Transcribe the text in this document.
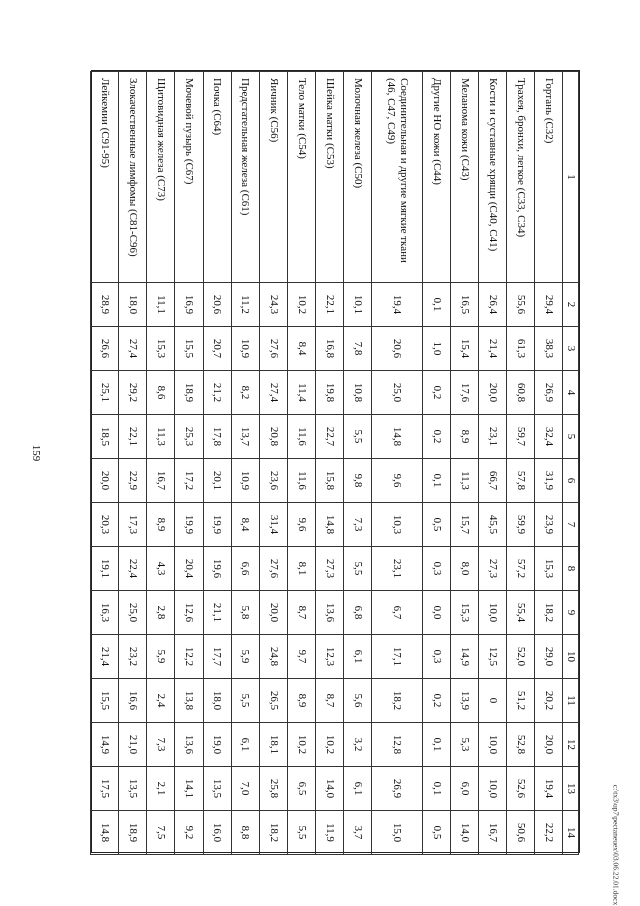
159
1	2	3	4	5	6	7	8	9	10	11	12	13	14
Гортань (С32)	29,4	38,3	26,9	32,4	31,9	23,9	15,3	18,2	29,0	20,2	20,0	19,4	22,2
Трахея, бронхи, легкое (С33, С34)	55,6	61,3	60,8	59,7	57,8	59,9	57,2	55,4	52,0	51,2	52,8	52,6	50,6
Кости и суставные хрящи (С40, С41)	26,4	21,4	20,0	23,1	66,7	45,5	27,3	10,0	12,5	0	10,0	10,0	16,7
Меланома кожи (С43)	16,5	15,4	17,6	8,9	11,3	15,7	8,0	15,3	14,9	13,9	5,3	6,0	14,0
Другие НО кожи (С44)	0,1	1,0	0,2	0,2	0,1	0,5	0,3	0,0	0,3	0,2	0,1	0,1	0,5
Соединительная и другие мягкие ткани (46, С47, С49)	19,4	20,6	25,0	14,8	9,6	10,3	23,1	6,7	17,1	18,2	12,8	26,9	15,0
Молочная железа (С50)	10,1	7,8	10,8	5,5	9,8	7,3	5,5	6,8	6,1	5,6	3,2	6,1	3,7
Шейка матки (С53)	22,1	16,8	19,8	22,7	15,8	14,8	27,3	13,6	12,3	8,7	10,2	14,0	11,9
Тело матки (С54)	10,2	8,4	11,4	11,6	11,6	9,6	8,1	8,7	9,7	8,9	10,2	6,5	5,5
Яичник (С56)	24,3	27,6	27,4	20,8	23,6	31,4	27,6	20,0	24,8	26,5	18,1	25,8	18,2
Предстательная железа (С61)	11,2	10,9	8,2	13,7	10,9	8,4	6,6	5,8	5,9	5,5	6,1	7,0	8,8
Почка (С64)	20,6	20,7	21,2	17,8	20,1	19,9	19,6	21,1	17,7	18,0	19,0	13,5	16,0
Мочевой пузырь (С67)	16,9	15,5	18,9	25,3	17,2	19,9	20,4	12,6	12,2	13,8	13,6	14,1	9,2
Щитовидная железа (С73)	11,1	15,3	8,6	11,3	16,7	8,9	4,3	2,8	5,9	2,4	7,3	2,1	7,5
Злокачественные лимфомы (С81-С96)	18,0	27,4	29,2	22,1	22,9	17,3	22,4	25,0	23,2	16,6	21,0	13,5	18,9
Лейкемии (С91-95)	28,9	26,6	25,1	18,5	20,0	20,3	19,1	16,3	21,4	15,5	14,9	17,5	14,8	c:\tx3\up7\pectaneuex\03.06.22.01.docx
